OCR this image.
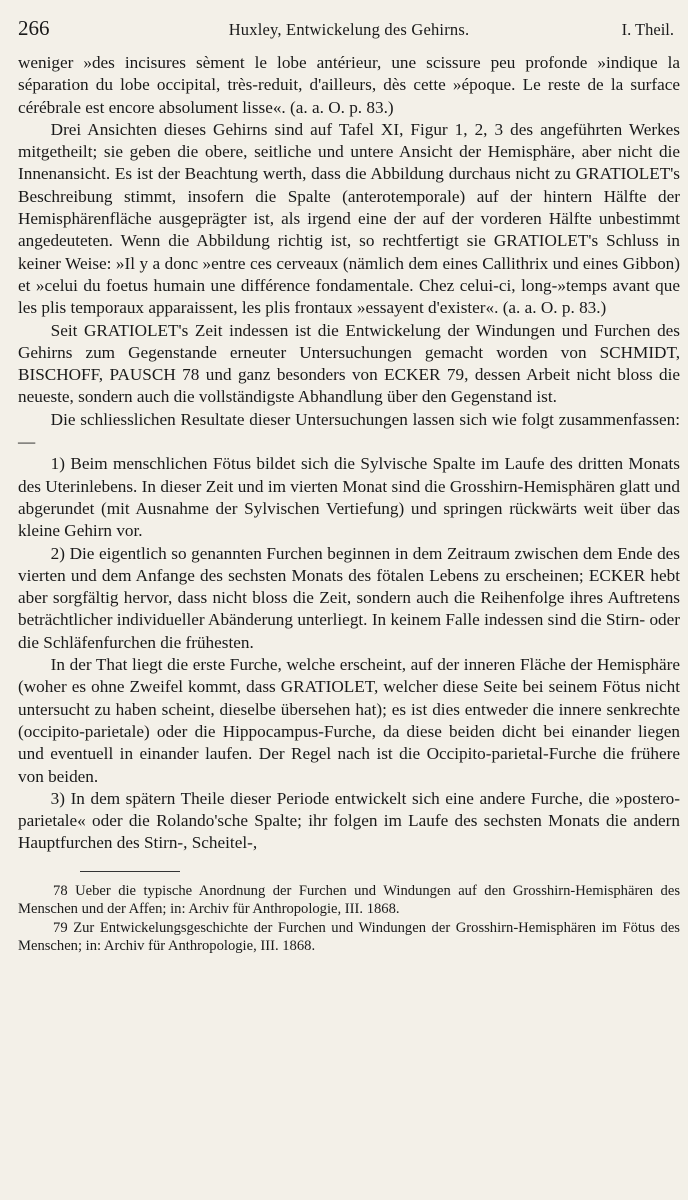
266	Huxley, Entwickelung des Gehirns.	I. Theil.

weniger »des incisures sèment le lobe antérieur, une scissure peu profonde »indique la séparation du lobe occipital, très-reduit, d'ailleurs, dès cette »époque. Le reste de la surface cérébrale est encore absolument lisse«. (a. a. O. p. 83.)

Drei Ansichten dieses Gehirns sind auf Tafel XI, Figur 1, 2, 3 des angeführten Werkes mitgetheilt; sie geben die obere, seitliche und untere Ansicht der Hemisphäre, aber nicht die Innenansicht. Es ist der Beachtung werth, dass die Abbildung durchaus nicht zu GRATIOLET's Beschreibung stimmt, insofern die Spalte (anterotemporale) auf der hintern Hälfte der Hemisphärenfläche ausgeprägter ist, als irgend eine der auf der vorderen Hälfte unbestimmt angedeuteten. Wenn die Abbildung richtig ist, so rechtfertigt sie GRATIOLET's Schluss in keiner Weise: »Il y a donc »entre ces cerveaux (nämlich dem eines Callithrix und eines Gibbon) et »celui du foetus humain une différence fondamentale. Chez celui-ci, long-»temps avant que les plis temporaux apparaissent, les plis frontaux »essayent d'exister«. (a. a. O. p. 83.)

Seit GRATIOLET's Zeit indessen ist die Entwickelung der Windungen und Furchen des Gehirns zum Gegenstande erneuter Untersuchungen gemacht worden von SCHMIDT, BISCHOFF, PAUSCH 78 und ganz besonders von ECKER 79, dessen Arbeit nicht bloss die neueste, sondern auch die vollständigste Abhandlung über den Gegenstand ist.

Die schliesslichen Resultate dieser Untersuchungen lassen sich wie folgt zusammenfassen: —

1) Beim menschlichen Fötus bildet sich die Sylvische Spalte im Laufe des dritten Monats des Uterinlebens. In dieser Zeit und im vierten Monat sind die Grosshirn-Hemisphären glatt und abgerundet (mit Ausnahme der Sylvischen Vertiefung) und springen rückwärts weit über das kleine Gehirn vor.

2) Die eigentlich so genannten Furchen beginnen in dem Zeitraum zwischen dem Ende des vierten und dem Anfange des sechsten Monats des fötalen Lebens zu erscheinen; ECKER hebt aber sorgfältig hervor, dass nicht bloss die Zeit, sondern auch die Reihenfolge ihres Auftretens beträchtlicher individueller Abänderung unterliegt. In keinem Falle indessen sind die Stirn- oder die Schläfenfurchen die frühesten.

In der That liegt die erste Furche, welche erscheint, auf der inneren Fläche der Hemisphäre (woher es ohne Zweifel kommt, dass GRATIOLET, welcher diese Seite bei seinem Fötus nicht untersucht zu haben scheint, dieselbe übersehen hat); es ist dies entweder die innere senkrechte (occipito-parietale) oder die Hippocampus-Furche, da diese beiden dicht bei einander liegen und eventuell in einander laufen. Der Regel nach ist die Occipito-parietal-Furche die frühere von beiden.

3) In dem spätern Theile dieser Periode entwickelt sich eine andere Furche, die »postero-parietale« oder die Rolando'sche Spalte; ihr folgen im Laufe des sechsten Monats die andern Hauptfurchen des Stirn-, Scheitel-,

78 Ueber die typische Anordnung der Furchen und Windungen auf den Grosshirn-Hemisphären des Menschen und der Affen; in: Archiv für Anthropologie, III. 1868.

79 Zur Entwickelungsgeschichte der Furchen und Windungen der Grosshirn-Hemisphären im Fötus des Menschen; in: Archiv für Anthropologie, III. 1868.
